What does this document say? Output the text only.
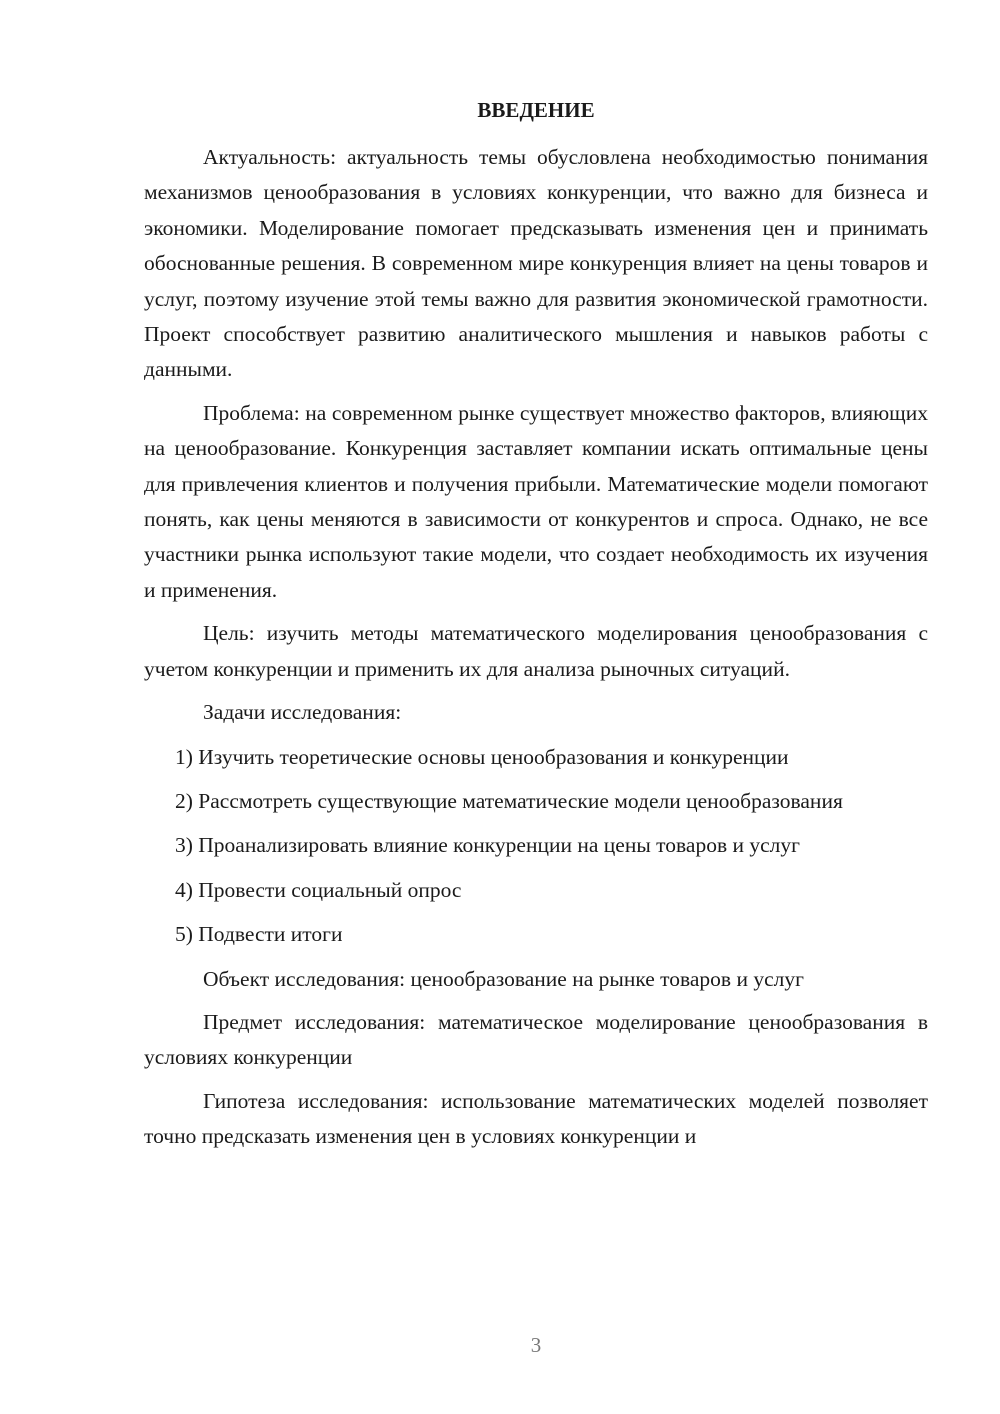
ВВЕДЕНИЕ

Актуальность: актуальность темы обусловлена необходимостью понимания механизмов ценообразования в условиях конкуренции, что важно для бизнеса и экономики. Моделирование помогает предсказывать изменения цен и принимать обоснованные решения. В современном мире конкуренция влияет на цены товаров и услуг, поэтому изучение этой темы важно для развития экономической грамотности. Проект способствует развитию аналитического мышления и навыков работы с данными.

Проблема: на современном рынке существует множество факторов, влияющих на ценообразование. Конкуренция заставляет компании искать оптимальные цены для привлечения клиентов и получения прибыли. Математические модели помогают понять, как цены меняются в зависимости от конкурентов и спроса. Однако, не все участники рынка используют такие модели, что создает необходимость их изучения и применения.

Цель: изучить методы математического моделирования ценообразования с учетом конкуренции и применить их для анализа рыночных ситуаций.

Задачи исследования:

1) Изучить теоретические основы ценообразования и конкуренции

2) Рассмотреть существующие математические модели ценообразования

3) Проанализировать влияние конкуренции на цены товаров и услуг

4) Провести социальный опрос

5) Подвести итоги

Объект исследования: ценообразование на рынке товаров и услуг

Предмет исследования: математическое моделирование ценообразования в условиях конкуренции

Гипотеза исследования: использование математических моделей позволяет точно предсказать изменения цен в условиях конкуренции и

3
